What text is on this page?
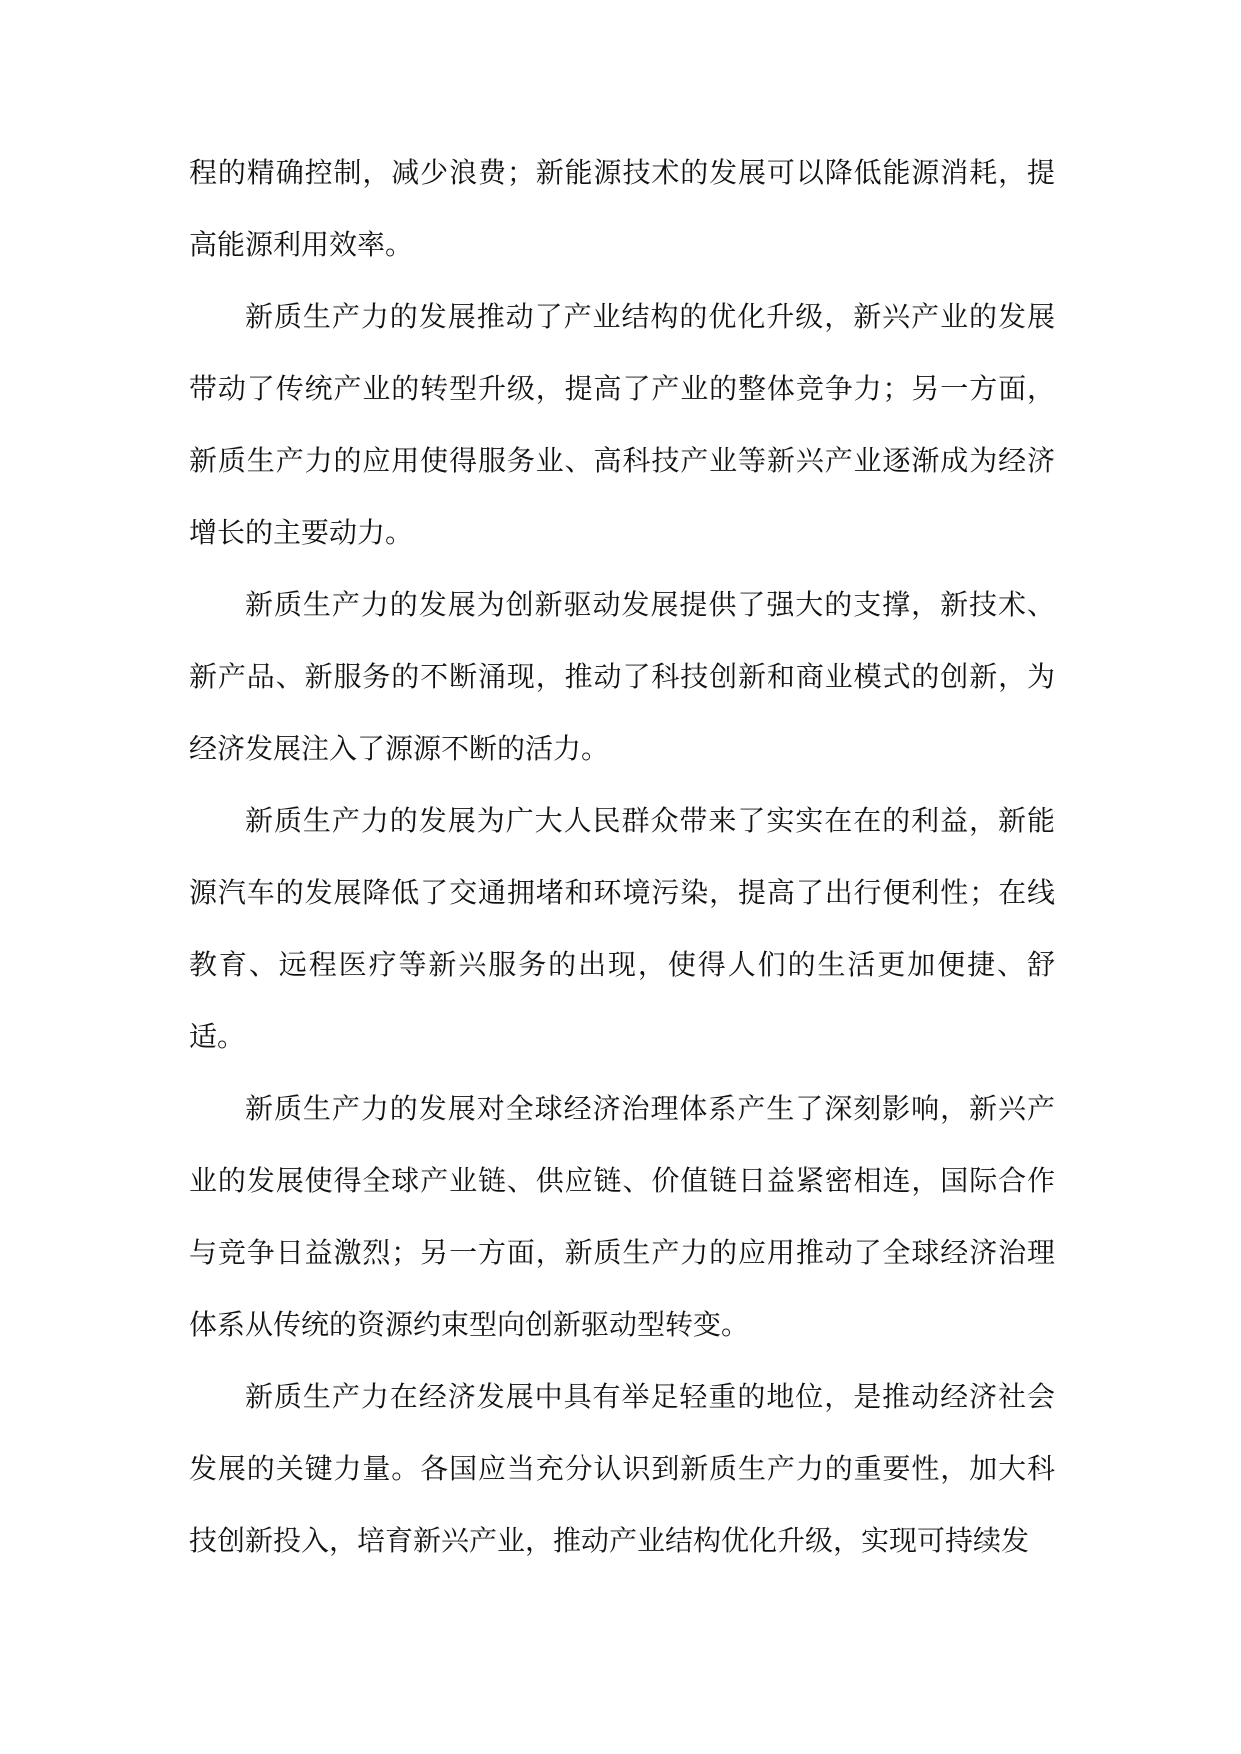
程的精确控制，减少浪费；新能源技术的发展可以降低能源消耗，提高能源利用效率。

新质生产力的发展推动了产业结构的优化升级，新兴产业的发展带动了传统产业的转型升级，提高了产业的整体竞争力；另一方面，新质生产力的应用使得服务业、高科技产业等新兴产业逐渐成为经济增长的主要动力。

新质生产力的发展为创新驱动发展提供了强大的支撑，新技术、新产品、新服务的不断涌现，推动了科技创新和商业模式的创新，为经济发展注入了源源不断的活力。

新质生产力的发展为广大人民群众带来了实实在在的利益，新能源汽车的发展降低了交通拥堵和环境污染，提高了出行便利性；在线教育、远程医疗等新兴服务的出现，使得人们的生活更加便捷、舒适。

新质生产力的发展对全球经济治理体系产生了深刻影响，新兴产业的发展使得全球产业链、供应链、价值链日益紧密相连，国际合作与竞争日益激烈；另一方面，新质生产力的应用推动了全球经济治理体系从传统的资源约束型向创新驱动型转变。

新质生产力在经济发展中具有举足轻重的地位，是推动经济社会发展的关键力量。各国应当充分认识到新质生产力的重要性，加大科技创新投入，培育新兴产业，推动产业结构优化升级，实现可持续发
